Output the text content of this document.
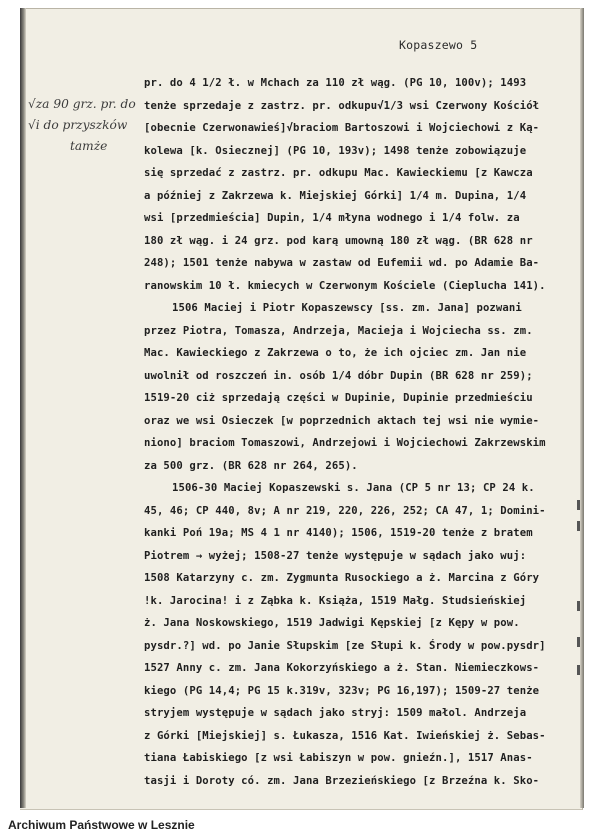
Kopaszewo 5
√za 90 grz. pr. do
√i do przyszków
tamże
pr. do 4 1/2 ł. w Mchach za 110 zł wąg. (PG 10, 100v); 1493
tenże sprzedaje z zastrz. pr. odkupu√1/3 wsi Czerwony Kościół
[obecnie Czerwonawieś]√braciom Bartoszowi i Wojciechowi z Ką-
kolewa [k. Osiecznej] (PG 10, 193v); 1498 tenże zobowiązuje
się sprzedać z zastrz. pr. odkupu Mac. Kawieckiemu [z Kawcza
a później z Zakrzewa k. Miejskiej Górki] 1/4 m. Dupina, 1/4
wsi [przedmieścia] Dupin, 1/4 młyna wodnego i 1/4 folw. za
180 zł wąg. i 24 grz. pod karą umowną 180 zł wąg. (BR 628 nr
248); 1501 tenże nabywa w zastaw od Eufemii wd. po Adamie Ba-
ranowskim 10 ł. kmiecych w Czerwonym Kościele (Cieplucha 141).
1506 Maciej i Piotr Kopaszewscy [ss. zm. Jana] pozwani
przez Piotra, Tomasza, Andrzeja, Macieja i Wojciecha ss. zm.
Mac. Kawieckiego z Zakrzewa o to, że ich ojciec zm. Jan nie
uwolnił od roszczeń in. osób 1/4 dóbr Dupin (BR 628 nr 259);
1519-20 ciż sprzedają części w Dupinie, Dupinie przedmieściu
oraz we wsi Osieczek [w poprzednich aktach tej wsi nie wymie-
niono] braciom Tomaszowi, Andrzejowi i Wojciechowi Zakrzewskim
za 500 grz. (BR 628 nr 264, 265).
1506-30 Maciej Kopaszewski s. Jana (CP 5 nr 13; CP 24 k.
45, 46; CP 440, 8v; A nr 219, 220, 226, 252; CA 47, 1; Domini-
kanki Poń 19a; MS 4 1 nr 4140); 1506, 1519-20 tenże z bratem
Piotrem → wyżej; 1508-27 tenże występuje w sądach jako wuj:
1508 Katarzyny c. zm. Zygmunta Rusockiego a ż. Marcina z Góry
!k. Jarocina! i z Ząbka k. Książa, 1519 Małg. Studsieńskiej
ż. Jana Noskowskiego, 1519 Jadwigi Kępskiej [z Kępy w pow.
pysdr.?] wd. po Janie Słupskim [ze Słupi k. Środy w pow.pysdr]
1527 Anny c. zm. Jana Kokorzyńskiego a ż. Stan. Niemieczkows-
kiego (PG 14,4; PG 15 k.319v, 323v; PG 16,197); 1509-27 tenże
stryjem występuje w sądach jako stryj: 1509 małol. Andrzeja
z Górki [Miejskiej] s. Łukasza, 1516 Kat. Iwieńskiej ż. Sebas-
tiana Łabiskiego [z wsi Łabiszyn w pow. gnieźn.], 1517 Anas-
tasji i Doroty có. zm. Jana Brzezieńskiego [z Brzeźna k. Sko-
Archiwum Państwowe w Lesznie
